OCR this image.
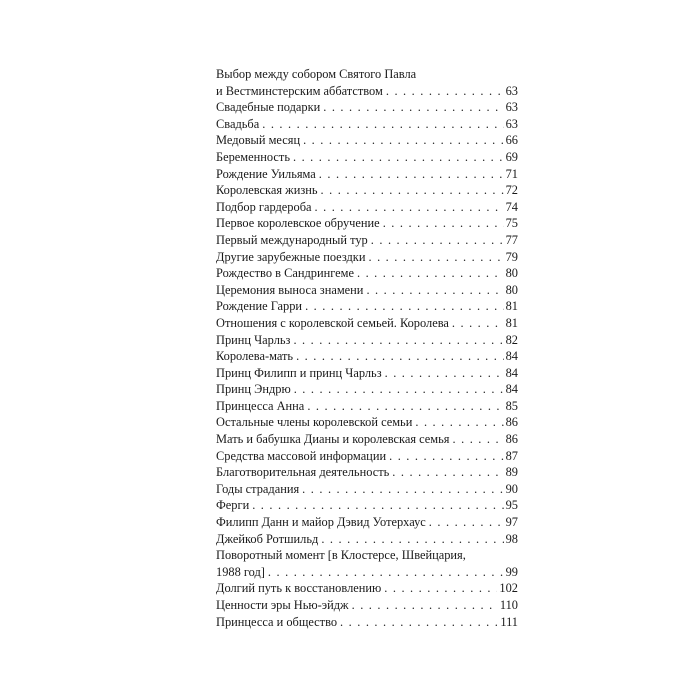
Выбор между собором Святого Павла
и Вестминстерским аббатством . . .	63
Свадебные подарки . . .	63
Свадьба . . .	63
Медовый месяц . . .	66
Беременность . . .	69
Рождение Уильяма . . .	71
Королевская жизнь . . .	72
Подбор гардероба . . .	74
Первое королевское обручение . . .	75
Первый международный тур . . .	77
Другие зарубежные поездки . . .	79
Рождество в Сандрингеме . . .	80
Церемония выноса знамени . . .	80
Рождение Гарри . . .	81
Отношения с королевской семьей. Королева . . .	81
Принц Чарльз . . .	82
Королева-мать . . .	84
Принц Филипп и принц Чарльз . . .	84
Принц Эндрю . . .	84
Принцесса Анна . . .	85
Остальные члены королевской семьи . . .	86
Мать и бабушка Дианы и королевская семья . . .	86
Средства массовой информации . . .	87
Благотворительная деятельность . . .	89
Годы страдания . . .	90
Ферги . . .	95
Филипп Данн и майор Дэвид Уотерхаус . . .	97
Джейкоб Ротшильд . . .	98
Поворотный момент [в Клостерсе, Швейцария,
1988 год] . . .	99
Долгий путь к восстановлению . . .	102
Ценности эры Нью-эйдж . . .	110
Принцесса и общество . . .	111
